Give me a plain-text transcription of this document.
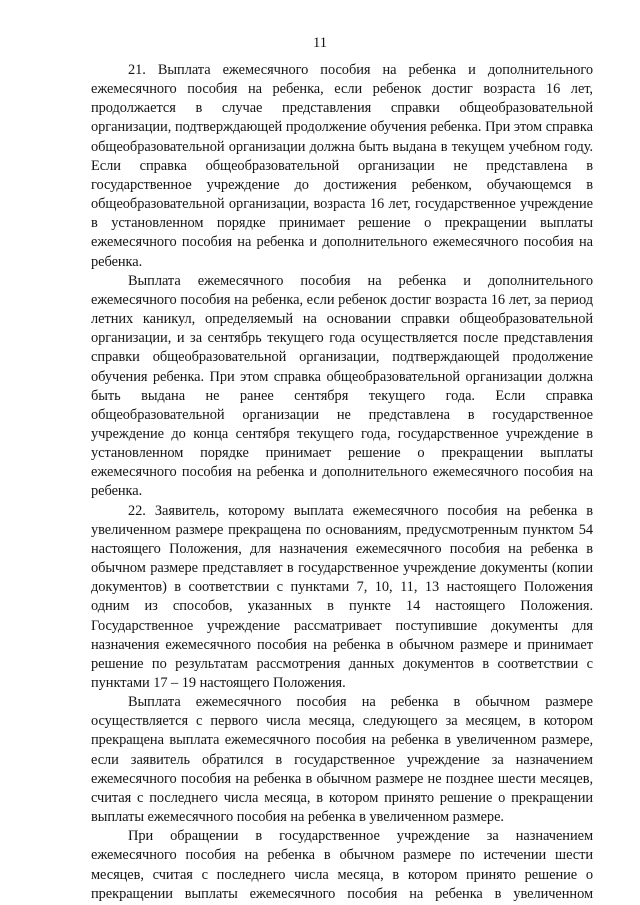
11

21. Выплата ежемесячного пособия на ребенка и дополнительного ежемесячного пособия на ребенка, если ребенок достиг возраста 16 лет, продолжается в случае представления справки общеобразовательной организации, подтверждающей продолжение обучения ребенка. При этом справка общеобразовательной организации должна быть выдана в текущем учебном году. Если справка общеобразовательной организации не представлена в государственное учреждение до достижения ребенком, обучающемся в общеобразовательной организации, возраста 16 лет, государственное учреждение в установленном порядке принимает решение о прекращении выплаты ежемесячного пособия на ребенка и дополнительного ежемесячного пособия на ребенка.

Выплата ежемесячного пособия на ребенка и дополнительного ежемесячного пособия на ребенка, если ребенок достиг возраста 16 лет, за период летних каникул, определяемый на основании справки общеобразовательной организации, и за сентябрь текущего года осуществляется после представления справки общеобразовательной организации, подтверждающей продолжение обучения ребенка. При этом справка общеобразовательной организации должна быть выдана не ранее сентября текущего года. Если справка общеобразовательной организации не представлена в государственное учреждение до конца сентября текущего года, государственное учреждение в установленном порядке принимает решение о прекращении выплаты ежемесячного пособия на ребенка и дополнительного ежемесячного пособия на ребенка.

22. Заявитель, которому выплата ежемесячного пособия на ребенка в увеличенном размере прекращена по основаниям, предусмотренным пунктом 54 настоящего Положения, для назначения ежемесячного пособия на ребенка в обычном размере представляет в государственное учреждение документы (копии документов) в соответствии с пунктами 7, 10, 11, 13 настоящего Положения одним из способов, указанных в пункте 14 настоящего Положения. Государственное учреждение рассматривает поступившие документы для назначения ежемесячного пособия на ребенка в обычном размере и принимает решение по результатам рассмотрения данных документов в соответствии с пунктами 17 – 19 настоящего Положения.

Выплата ежемесячного пособия на ребенка в обычном размере осуществляется с первого числа месяца, следующего за месяцем, в котором прекращена выплата ежемесячного пособия на ребенка в увеличенном размере, если заявитель обратился в государственное учреждение за назначением ежемесячного пособия на ребенка в обычном размере не позднее шести месяцев, считая с последнего числа месяца, в котором принято решение о прекращении выплаты ежемесячного пособия на ребенка в увеличенном размере.

При обращении в государственное учреждение за назначением ежемесячного пособия на ребенка в обычном размере по истечении шести месяцев, считая с последнего числа месяца, в котором принято решение о прекращении выплаты ежемесячного пособия на ребенка в увеличенном
